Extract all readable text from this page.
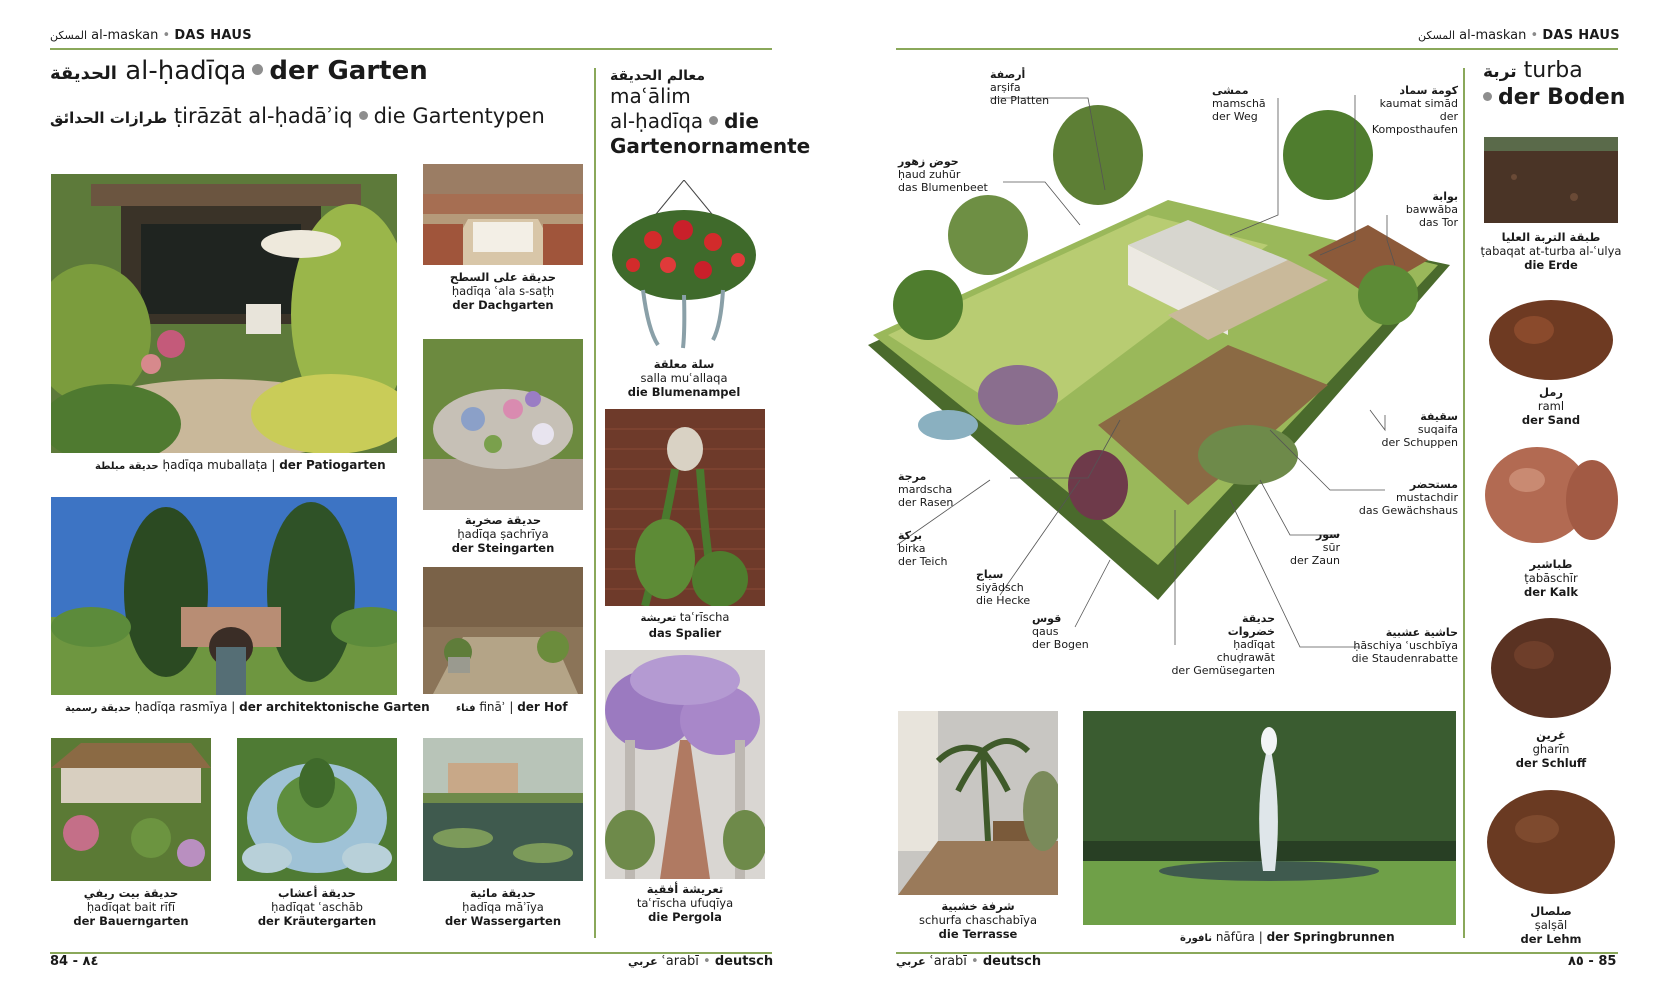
المسكن al-maskan • DAS HAUS	المسكن al-maskan • DAS HAUS
الحديقة al-ḥadīqa der Garten
طرازات الحدائق ṭirāzāt al-ḥadāʾiq die Gartentypen
معالم الحديقة
maʿālim
al-ḥadīqa die
Gartenornamente
حديقة مبلطة ḥadīqa muballaṭa | der Patiogarten
حديقة على السطح
ḥadīqa ʿala s-saṭḥ
der Dachgarten
حديقة صخرية
ḥadīqa ṣachrīya
der Steingarten
حديقة رسمية ḥadīqa rasmīya | der architektonische Garten	فناء fināʾ | der Hof
حديقة بيت ريفي
ḥadīqat bait rīfī
der Bauerngarten
حديقة أعشاب
ḥadīqat ʿaschāb
der Kräutergarten
حديقة مائية
ḥadīqa māʾīya
der Wassergarten
سلة معلقة
salla muʿallaqa
die Blumenampel
تعريشة taʿrīscha
das Spalier
تعريشة أفقية
taʿrīscha ufuqīya
die Pergola
84 - ٨٤	عربي ʿarabī • deutsch
أرصفة
arṣifa
die Platten
ممشى
mamschā
der Weg
كومة سماد
kaumat simād
der
Komposthaufen
حوض زهور
ḥaud zuhūr
das Blumenbeet
بوابة
bawwāba
das Tor
سقيفة
suqaifa
der Schuppen
مرجة
mardscha
der Rasen
مستحضر
mustachdir
das Gewächshaus
بركة
birka
der Teich
سور
sūr
der Zaun
سياج
siyādsch
die Hecke
قوس
qaus
der Bogen
حديقة
خضروات
ḥadīqat
chuḍrawāt
der Gemüsegarten
حاشية عشبية
ḥāschiya ʿuschbīya
die Staudenrabatte
شرفة خشبية
schurfa chaschabīya
die Terrasse	نافورة nāfūra | der Springbrunnen
تربة turba
der Boden
طبقة التربة العليا
ṭabaqat at-turba al-ʿulya
die Erde
رمل
raml
der Sand
طباشير
ṭabāschīr
der Kalk
غرين
gharīn
der Schluff
صلصال
ṣalṣāl
der Lehm
عربي ʿarabī • deutsch	٨٥ - 85
